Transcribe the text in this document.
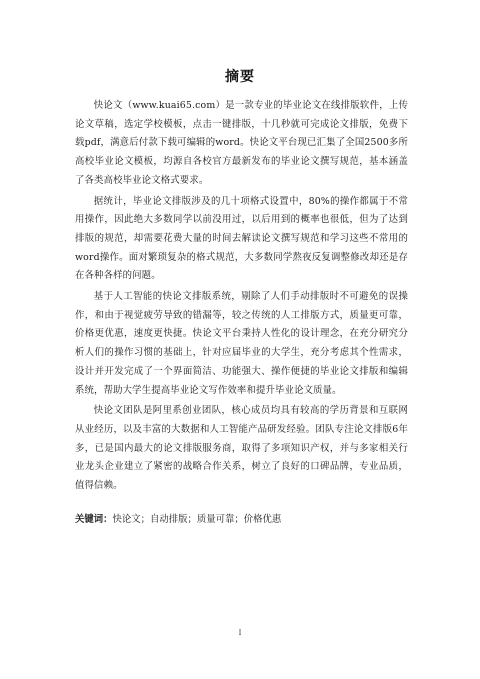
摘要

快论文（www.kuai65.com）是一款专业的毕业论文在线排版软件，上传论文草稿，选定学校模板，点击一键排版，十几秒就可完成论文排版，免费下载pdf，满意后付款下载可编辑的word。快论文平台现已汇集了全国2500多所高校毕业论文模板，均源自各校官方最新发布的毕业论文撰写规范，基本涵盖了各类高校毕业论文格式要求。

据统计，毕业论文排版涉及的几十项格式设置中，80%的操作都属于不常用操作，因此绝大多数同学以前没用过，以后用到的概率也很低，但为了达到排版的规范，却需要花费大量的时间去解读论文撰写规范和学习这些不常用的word操作。面对繁琐复杂的格式规范，大多数同学熬夜反复调整修改却还是存在各种各样的问题。

基于人工智能的快论文排版系统，剔除了人们手动排版时不可避免的误操作，和由于视觉疲劳导致的错漏等，较之传统的人工排版方式，质量更可靠，价格更优惠，速度更快捷。快论文平台秉持人性化的设计理念，在充分研究分析人们的操作习惯的基础上，针对应届毕业的大学生，充分考虑其个性需求，设计并开发完成了一个界面简洁、功能强大、操作便捷的毕业论文排版和编辑系统，帮助大学生提高毕业论文写作效率和提升毕业论文质量。

快论文团队是阿里系创业团队，核心成员均具有较高的学历背景和互联网从业经历，以及丰富的大数据和人工智能产品研发经验。团队专注论文排版6年多，已是国内最大的论文排版服务商，取得了多项知识产权，并与多家相关行业龙头企业建立了紧密的战略合作关系，树立了良好的口碑品牌，专业品质，值得信赖。

关键词：快论文；自动排版；质量可靠；价格优惠
I
